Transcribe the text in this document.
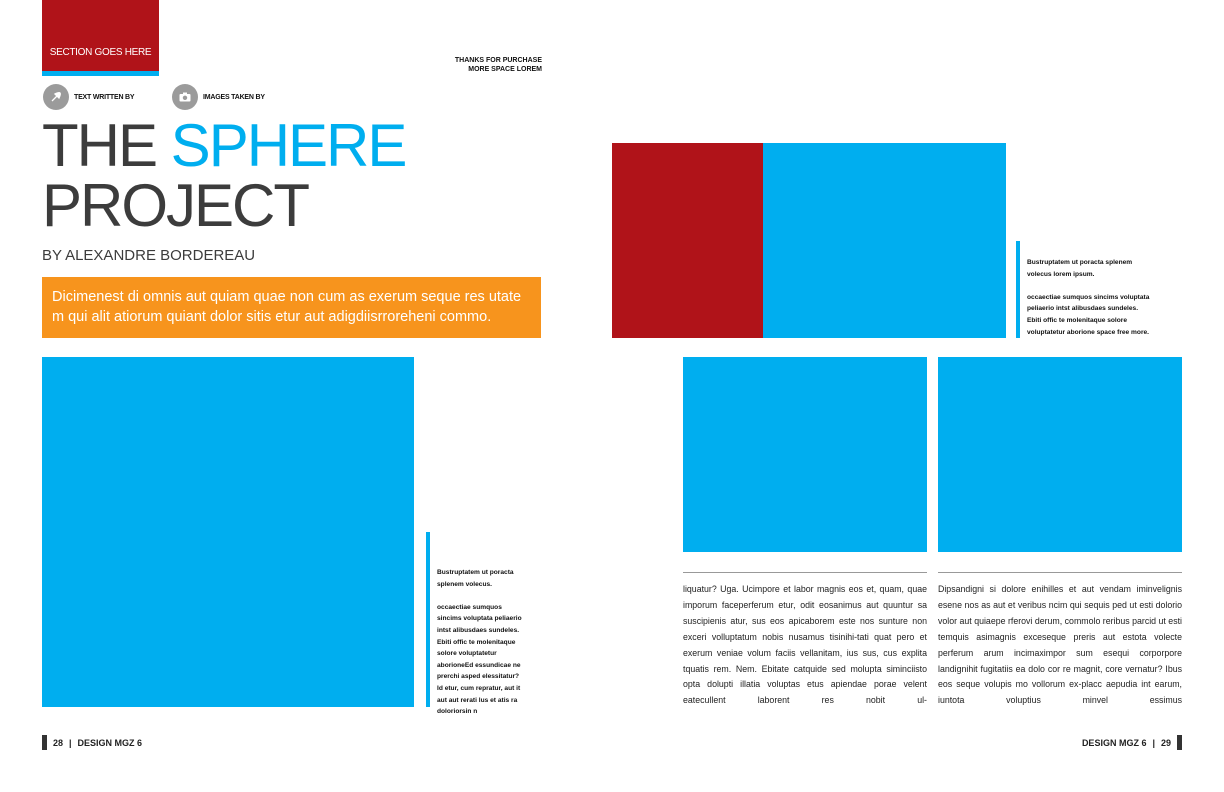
SECTION GOES HERE
THANKS FOR PURCHASE
MORE SPACE LOREM
TEXT WRITTEN BY	IMAGES TAKEN BY
THE SPHERE
PROJECT
BY ALEXANDRE BORDEREAU
Dicimenest di omnis aut quiam quae non cum as exerum seque res utate m qui alit atiorum quiant dolor sitis etur aut adigdiisrroreheni commo.

Bustruptatem ut poracta splenem volecus.

occaectiae sumquos sincims voluptata peliaerio intst alibusdaes sundeles. Ebiti offic te molenitaque solore voluptatetur aborioneEd essundicae ne prerchi asped elessitatur? Id etur, cum repratur, aut it aut aut rerati lus et atis ra doloriorsin n

28 | DESIGN MGZ 6

Bustruptatem ut poracta splenem volecus lorem ipsum.

occaectiae sumquos sincims voluptata peliaerio intst alibusdaes sundeles. Ebiti offic te molenitaque solore voluptatetur aborione space free more.

liquatur? Uga. Ucimpore et labor magnis eos et, quam, quae imporum faceperferum etur, odit eosanimus aut quuntur sa suscipienis atur, sus eos apicaborem este nos sunture non exceri volluptatum nobis nusamus tisinihi-tati quat pero et exerum veniae volum faciis vellanitam, ius sus, cus explita tquatis rem. Nem. Ebitate catquide sed molupta siminciisto opta dolupti illatia voluptas etus apiendae porae velent eatecullent laborent res nobit ul-
Dipsandigni si dolore enihilles et aut vendam iminvelignis esene nos as aut et veribus ncim qui sequis ped ut esti dolorio volor aut quiaepe rferovi derum, commolo reribus parcid ut esti temquis asimagnis exceseque preris aut estota volecte perferum arum incimaximpor sum esequi corporpore landignihit fugitatiis ea dolo cor re magnit, core vernatur? Ibus eos seque volupis mo vollorum ex-placc aepudia int earum, iuntota voluptius minvel essimus
DESIGN MGZ 6 | 29
